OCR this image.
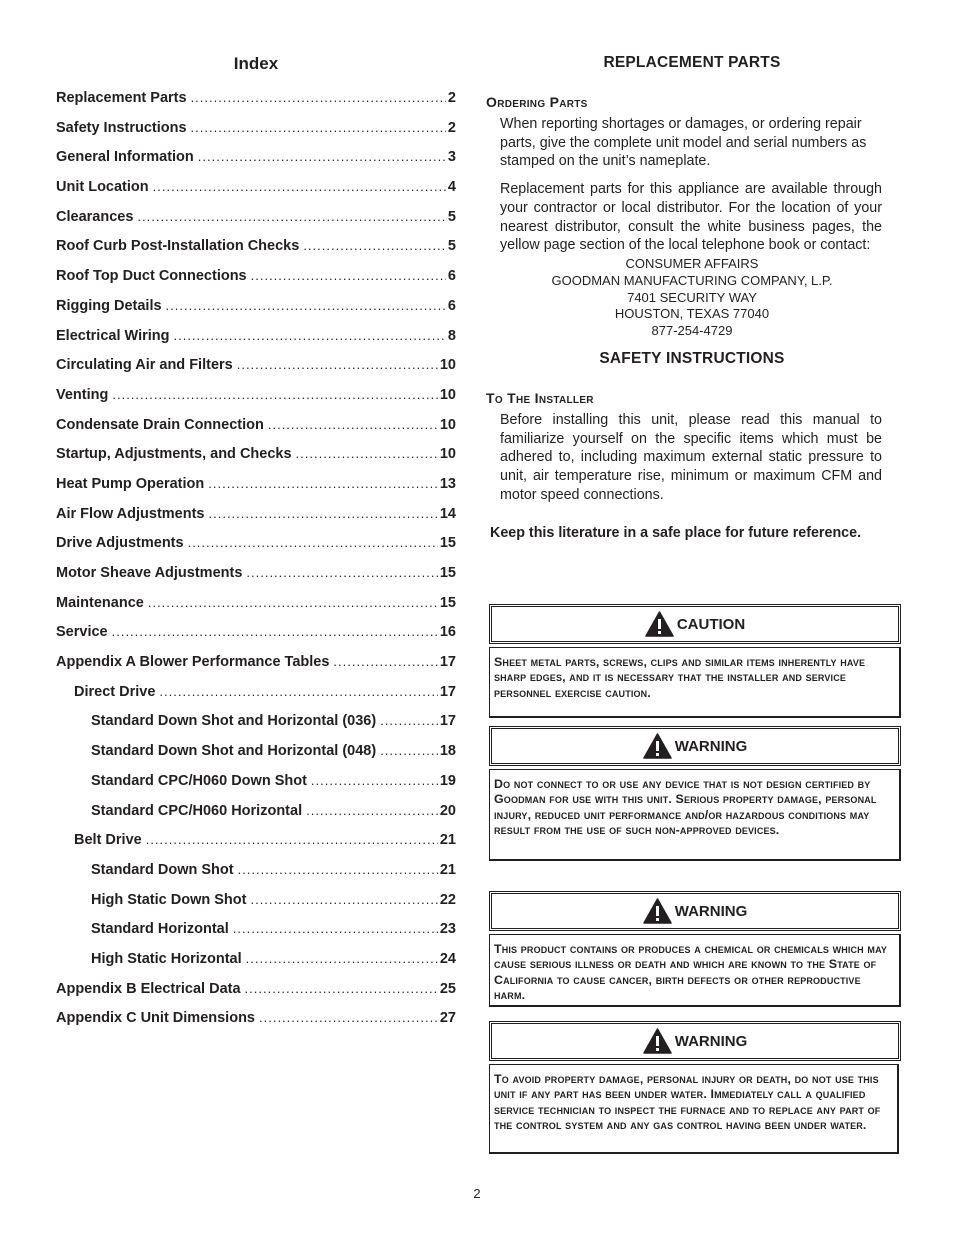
Index
Replacement Parts .....	2
Safety Instructions .....	2
General Information .....	3
Unit Location .....	4
Clearances .....	5
Roof Curb Post-Installation Checks .....	5
Roof Top Duct Connections .....	6
Rigging Details .....	6
Electrical Wiring .....	8
Circulating Air and Filters .....	10
Venting .....	10
Condensate Drain Connection .....	10
Startup, Adjustments, and Checks .....	10
Heat Pump Operation .....	13
Air Flow Adjustments .....	14
Drive Adjustments .....	15
Motor Sheave Adjustments .....	15
Maintenance .....	15
Service .....	16
Appendix A Blower Performance Tables .....	17
Direct Drive .....	17
Standard Down Shot and Horizontal (036) .....	17
Standard Down Shot and Horizontal (048) .....	18
Standard CPC/H060 Down Shot .....	19
Standard CPC/H060 Horizontal .....	20
Belt Drive .....	21
Standard Down Shot .....	21
High Static Down Shot .....	22
Standard Horizontal .....	23
High Static Horizontal .....	24
Appendix B Electrical Data .....	25
Appendix C Unit Dimensions .....	27
REPLACEMENT PARTS
Ordering Parts

When reporting shortages or damages, or ordering repair parts, give the complete unit model and serial numbers as stamped on the unit’s nameplate.

Replacement parts for this appliance are available through your contractor or local distributor. For the location of your nearest distributor, consult the white business pages, the yellow page section of the local telephone book or contact:

CONSUMER AFFAIRS

GOODMAN MANUFACTURING COMPANY, L.P.

7401 SECURITY WAY

HOUSTON, TEXAS 77040

877-254-4729

SAFETY INSTRUCTIONS
To The Installer

Before installing this unit, please read this manual to familiarize yourself on the specific items which must be adhered to, including maximum external static pressure to unit, air temperature rise, minimum or maximum CFM and motor speed connections.

Keep this literature in a safe place for future reference.

CAUTION
Sheet metal parts, screws, clips and similar items inherently have sharp edges, and it is necessary that the installer and service personnel exercise caution.
WARNING
Do not connect to or use any device that is not design certified by Goodman for use with this unit. Serious property damage, personal injury, reduced unit performance and/or hazardous conditions may result from the use of such non-approved devices.
WARNING
This product contains or produces a chemical or chemicals which may cause serious illness or death and which are known to the State of California to cause cancer, birth defects or other reproductive harm.
WARNING
To avoid property damage, personal injury or death, do not use this unit if any part has been under water. Immediately call a qualified service technician to inspect the furnace and to replace any part of the control system and any gas control having been under water.
2
